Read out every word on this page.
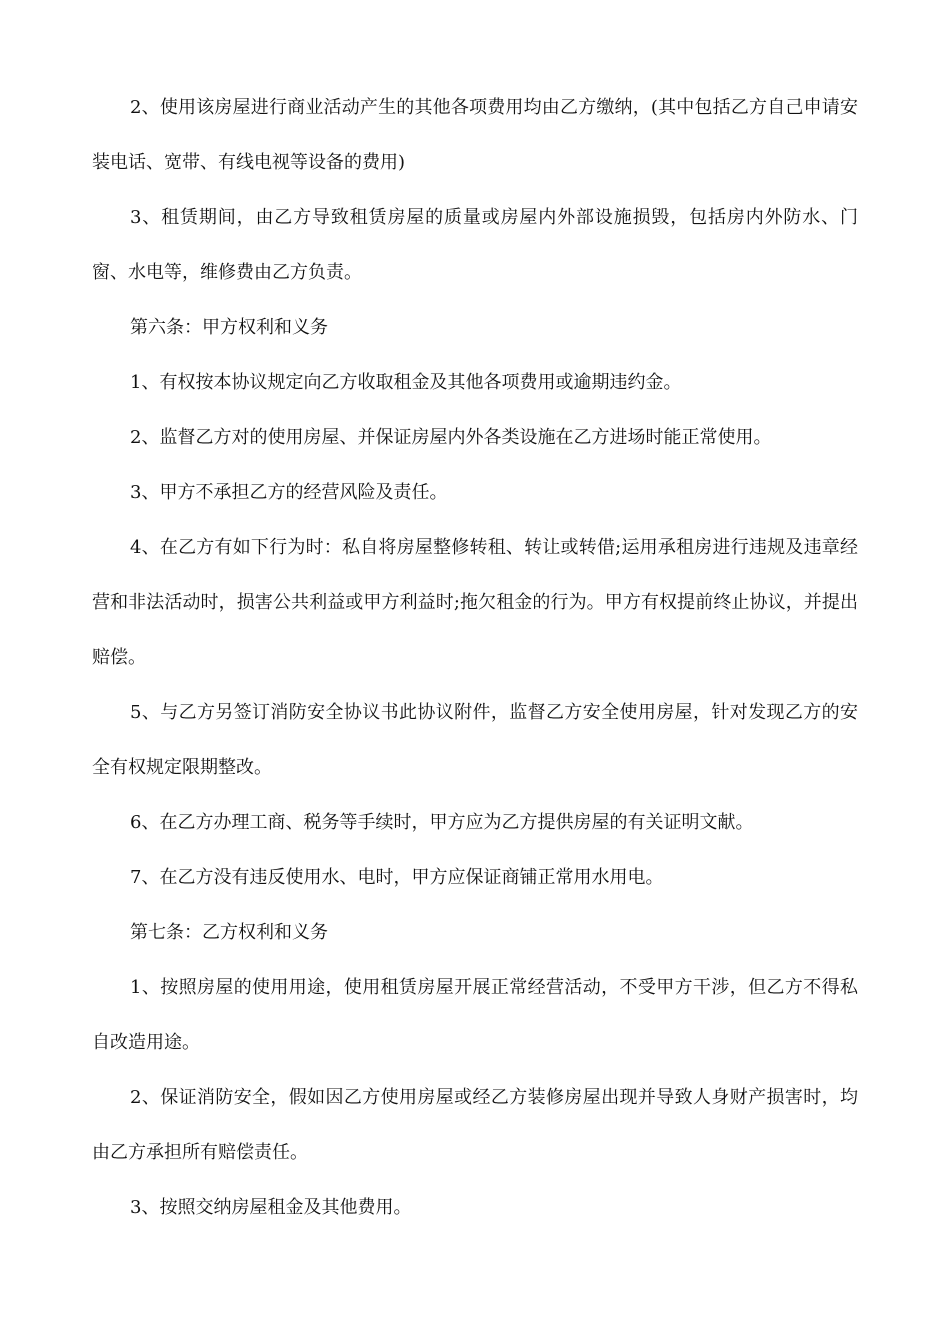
2、使用该房屋进行商业活动产生的其他各项费用均由乙方缴纳，(其中包括乙方自己申请安装电话、宽带、有线电视等设备的费用)

3、租赁期间，由乙方导致租赁房屋的质量或房屋内外部设施损毁，包括房内外防水、门窗、水电等，维修费由乙方负责。

第六条：甲方权利和义务

1、有权按本协议规定向乙方收取租金及其他各项费用或逾期违约金。

2、监督乙方对的使用房屋、并保证房屋内外各类设施在乙方进场时能正常使用。

3、甲方不承担乙方的经营风险及责任。

4、在乙方有如下行为时：私自将房屋整修转租、转让或转借;运用承租房进行违规及违章经营和非法活动时，损害公共利益或甲方利益时;拖欠租金的行为。甲方有权提前终止协议，并提出赔偿。

5、与乙方另签订消防安全协议书此协议附件，监督乙方安全使用房屋，针对发现乙方的安全有权规定限期整改。

6、在乙方办理工商、税务等手续时，甲方应为乙方提供房屋的有关证明文献。

7、在乙方没有违反使用水、电时，甲方应保证商铺正常用水用电。

第七条：乙方权利和义务

1、按照房屋的使用用途，使用租赁房屋开展正常经营活动，不受甲方干涉，但乙方不得私自改造用途。

2、保证消防安全，假如因乙方使用房屋或经乙方装修房屋出现并导致人身财产损害时，均由乙方承担所有赔偿责任。

3、按照交纳房屋租金及其他费用。
